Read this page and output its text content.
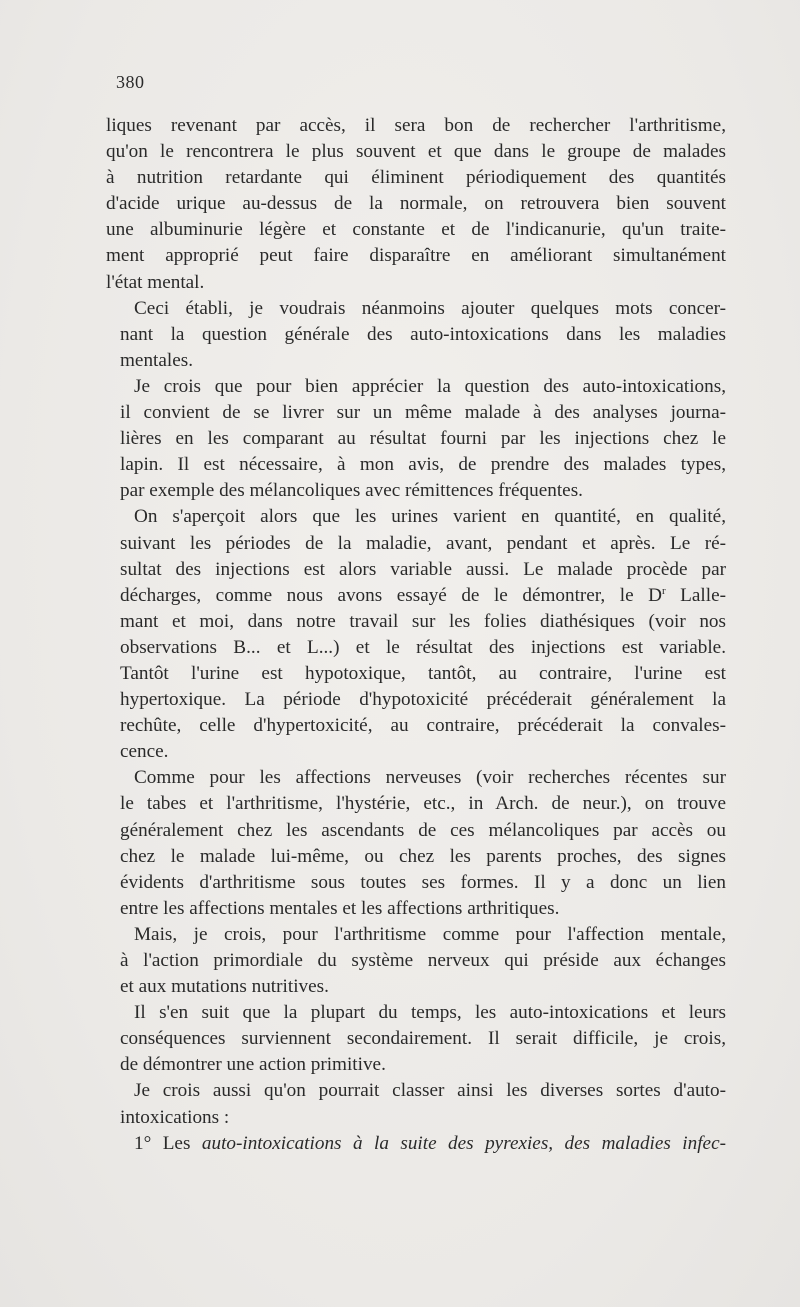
380

liques revenant par accès, il sera bon de rechercher l'arthritisme,
qu'on le rencontrera le plus souvent et que dans le groupe de malades
à nutrition retardante qui éliminent périodiquement des quantités
d'acide urique au-dessus de la normale, on retrouvera bien souvent
une albuminurie légère et constante et de l'indicanurie, qu'un traite-
ment approprié peut faire disparaître en améliorant simultanément
l'état mental.

Ceci établi, je voudrais néanmoins ajouter quelques mots concer-
nant la question générale des auto-intoxications dans les maladies
mentales.

Je crois que pour bien apprécier la question des auto-intoxications,
il convient de se livrer sur un même malade à des analyses journa-
lières en les comparant au résultat fourni par les injections chez le
lapin. Il est nécessaire, à mon avis, de prendre des malades types,
par exemple des mélancoliques avec rémittences fréquentes.

On s'aperçoit alors que les urines varient en quantité, en qualité,
suivant les périodes de la maladie, avant, pendant et après. Le ré-
sultat des injections est alors variable aussi. Le malade procède par
décharges, comme nous avons essayé de le démontrer, le $D^r$ Lalle-
mant et moi, dans notre travail sur les folies diathésiques (voir nos
observations B... et L...) et le résultat des injections est variable.
Tantôt l'urine est hypotoxique, tantôt, au contraire, l'urine est
hypertoxique. La période d'hypotoxicité précéderait généralement la
rechûte, celle d'hypertoxicité, au contraire, précéderait la convales-
cence.

Comme pour les affections nerveuses (voir recherches récentes sur
le tabes et l'arthritisme, l'hystérie, etc., in Arch. de neur.), on trouve
généralement chez les ascendants de ces mélancoliques par accès ou
chez le malade lui-même, ou chez les parents proches, des signes
évidents d'arthritisme sous toutes ses formes. Il y a donc un lien
entre les affections mentales et les affections arthritiques.

Mais, je crois, pour l'arthritisme comme pour l'affection mentale,
à l'action primordiale du système nerveux qui préside aux échanges
et aux mutations nutritives.

Il s'en suit que la plupart du temps, les auto-intoxications et leurs
conséquences surviennent secondairement. Il serait difficile, je crois,
de démontrer une action primitive.

Je crois aussi qu'on pourrait classer ainsi les diverses sortes d'auto-
intoxications :

1° Les auto-intoxications à la suite des pyrexies, des maladies infec-
